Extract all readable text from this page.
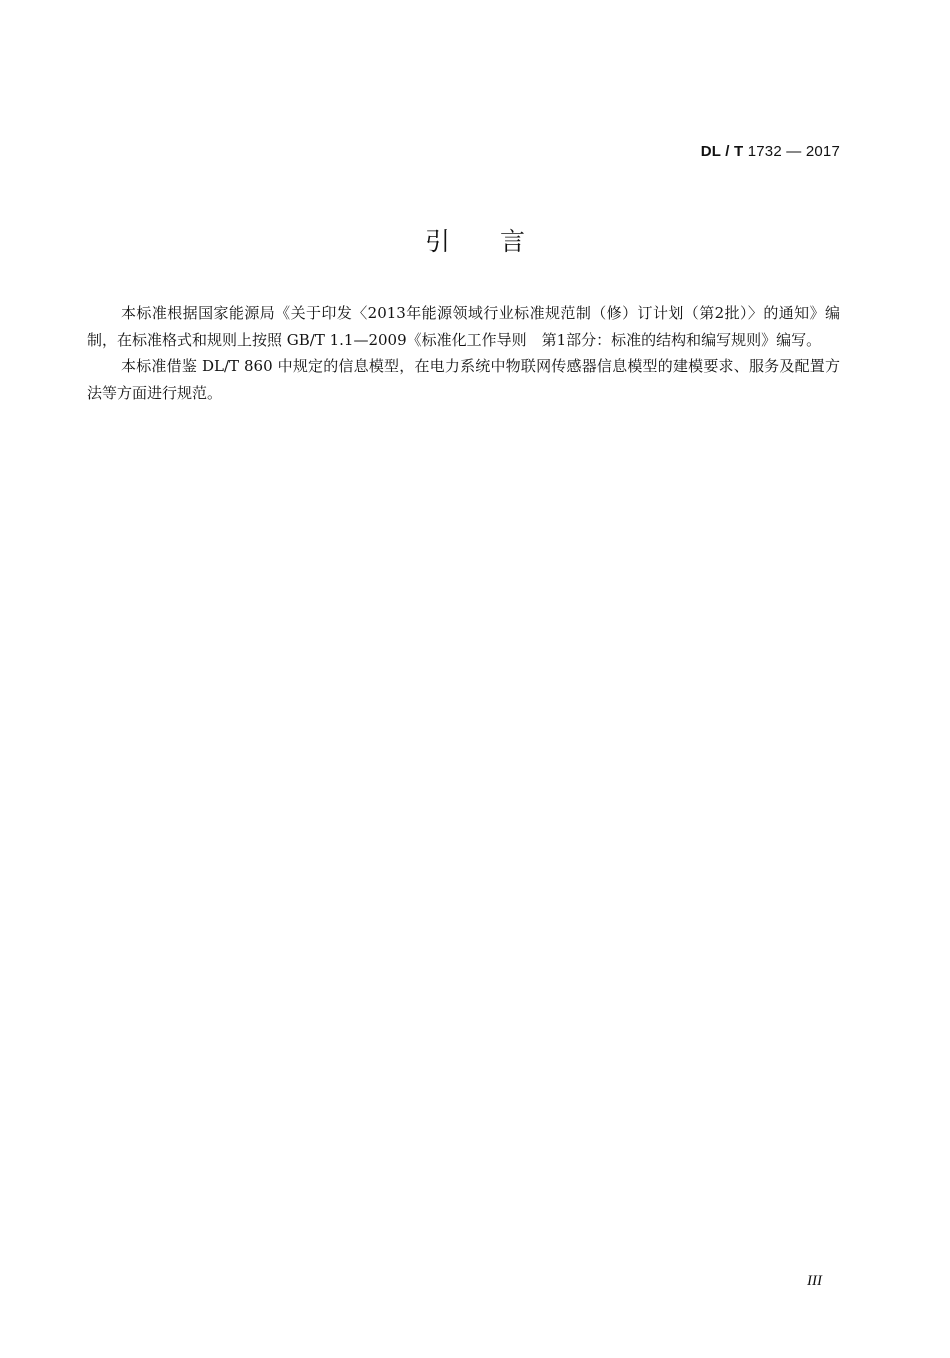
DL / T 1732 — 2017
引言

本标准根据国家能源局《关于印发〈2013年能源领域行业标准规范制（修）订计划（第2批）〉的通知》编制，在标准格式和规则上按照 GB/T 1.1—2009《标准化工作导则　第1部分：标准的结构和编写规则》编写。

本标准借鉴 DL/T 860 中规定的信息模型，在电力系统中物联网传感器信息模型的建模要求、服务及配置方法等方面进行规范。

III
